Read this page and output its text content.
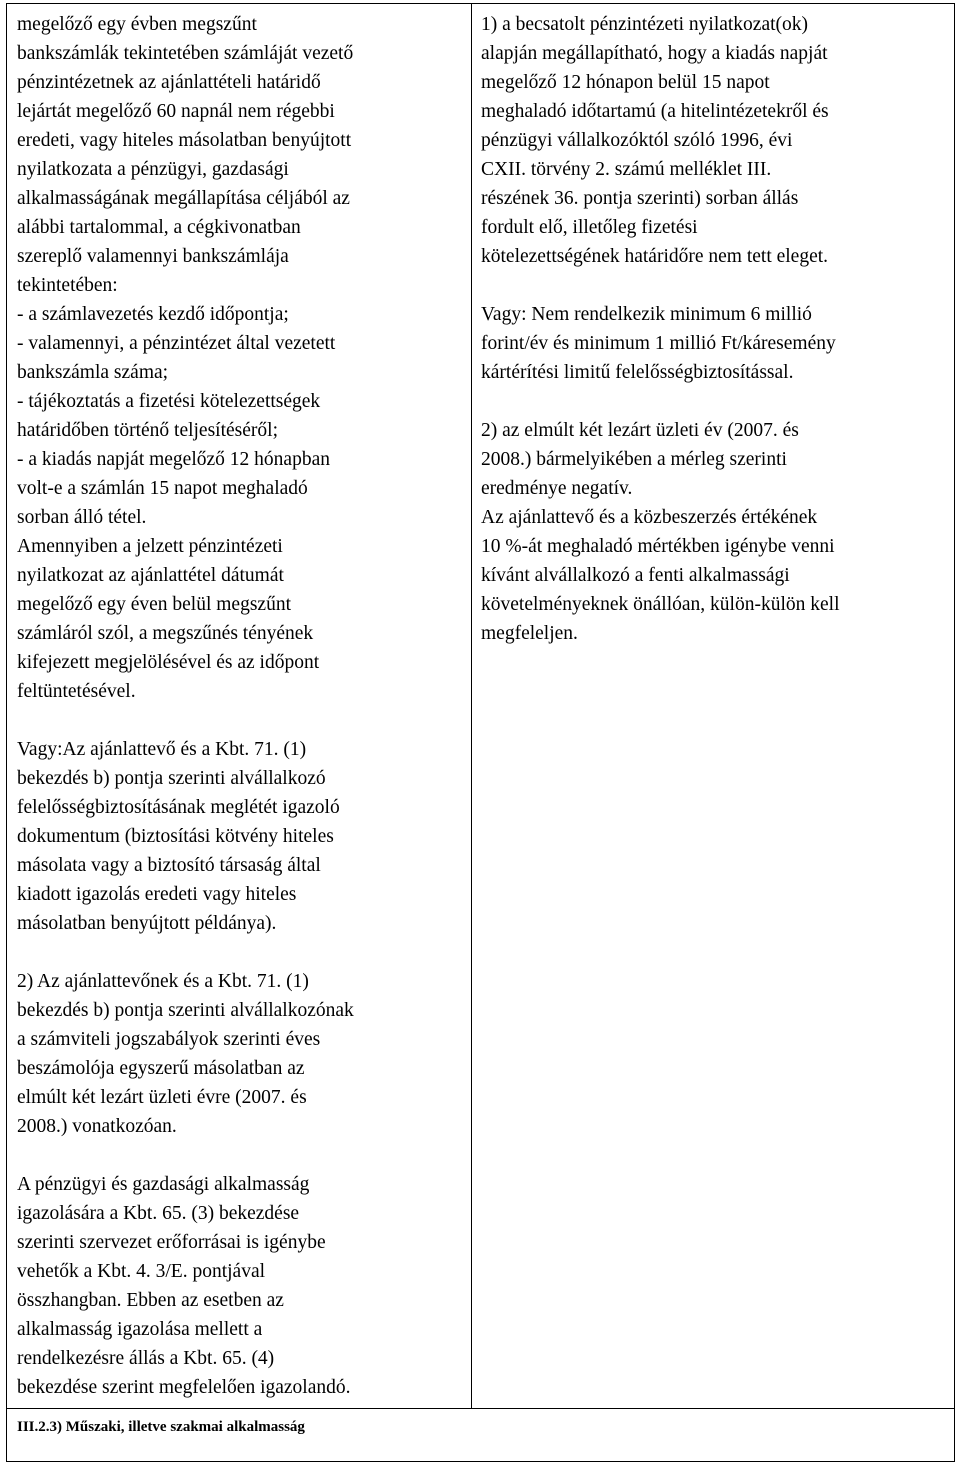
megelőző egy évben megszűnt
bankszámlák tekintetében számláját vezető
pénzintézetnek az ajánlattételi határidő
lejártát megelőző 60 napnál nem régebbi
eredeti, vagy hiteles másolatban benyújtott
nyilatkozata a pénzügyi, gazdasági
alkalmasságának megállapítása céljából az
alábbi tartalommal, a cégkivonatban
szereplő valamennyi bankszámlája
tekintetében:
- a számlavezetés kezdő időpontja;
- valamennyi, a pénzintézet által vezetett
bankszámla száma;
- tájékoztatás a fizetési kötelezettségek
határidőben történő teljesítéséről;
- a kiadás napját megelőző 12 hónapban
volt-e a számlán 15 napot meghaladó
sorban álló tétel.
Amennyiben a jelzett pénzintézeti
nyilatkozat az ajánlattétel dátumát
megelőző egy éven belül megszűnt
számláról szól, a megszűnés tényének
kifejezett megjelölésével és az időpont
feltüntetésével.
Vagy:Az ajánlattevő és a Kbt. 71. (1)
bekezdés b) pontja szerinti alvállalkozó
felelősségbiztosításának meglétét igazoló
dokumentum (biztosítási kötvény hiteles
másolata vagy a biztosító társaság által
kiadott igazolás eredeti vagy hiteles
másolatban benyújtott példánya).
2) Az ajánlattevőnek és a Kbt. 71. (1)
bekezdés b) pontja szerinti alvállalkozónak
a számviteli jogszabályok szerinti éves
beszámolója egyszerű másolatban az
elmúlt két lezárt üzleti évre (2007. és
2008.) vonatkozóan.
A pénzügyi és gazdasági alkalmasság
igazolására a Kbt. 65. (3) bekezdése
szerinti szervezet erőforrásai is igénybe
vehetők a Kbt. 4. 3/E. pontjával
összhangban. Ebben az esetben az
alkalmasság igazolása mellett a
rendelkezésre állás a Kbt. 65. (4)
bekezdése szerint megfelelően igazolandó.
1) a becsatolt pénzintézeti nyilatkozat(ok)
alapján megállapítható, hogy a kiadás napját
megelőző 12 hónapon belül 15 napot
meghaladó időtartamú (a hitelintézetekről és
pénzügyi vállalkozóktól szóló 1996, évi
CXII. törvény 2. számú melléklet III.
részének 36. pontja szerinti) sorban állás
fordult elő, illetőleg fizetési
kötelezettségének határidőre nem tett eleget.
Vagy: Nem rendelkezik minimum 6 millió
forint/év és minimum 1 millió Ft/káresemény
kártérítési limitű felelősségbiztosítással.
2) az elmúlt két lezárt üzleti év (2007. és
2008.) bármelyikében a mérleg szerinti
eredménye negatív.
Az ajánlattevő és a közbeszerzés értékének
10 %-át meghaladó mértékben igénybe venni
kívánt alvállalkozó a fenti alkalmassági
követelményeknek önállóan, külön-külön kell
megfeleljen.
III.2.3) Műszaki, illetve szakmai alkalmasság
